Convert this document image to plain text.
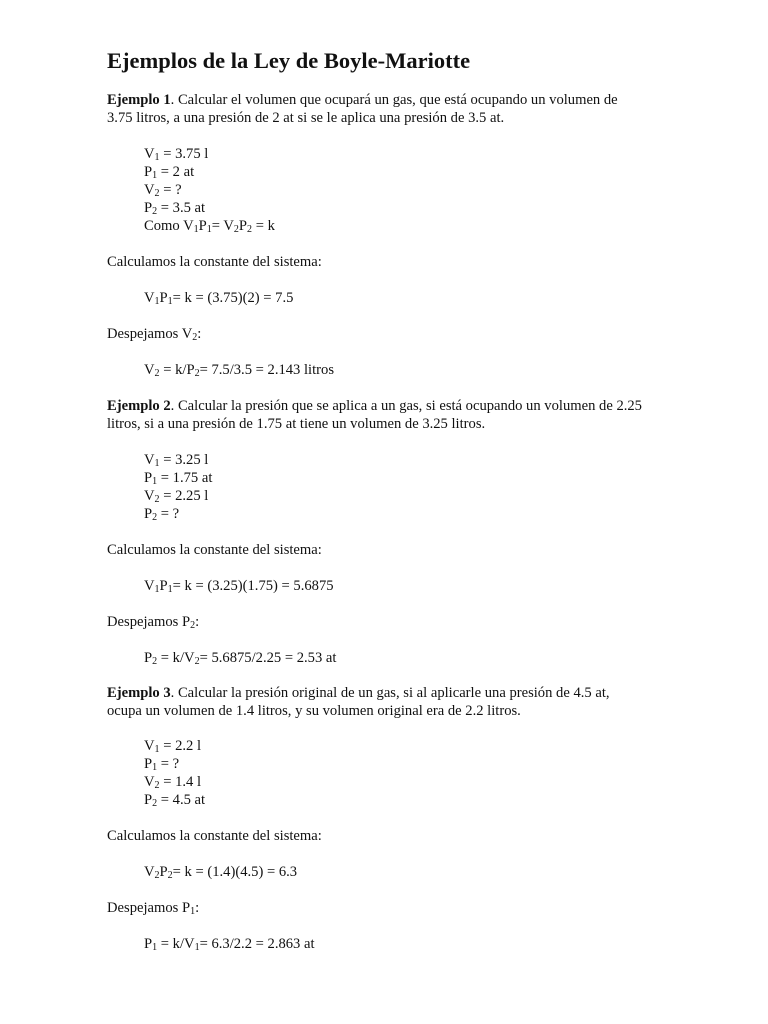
Ejemplos de la Ley de Boyle-Mariotte
Ejemplo 1. Calcular el volumen que ocupará un gas, que está ocupando un volumen de
3.75 litros, a una presión de 2 at si se le aplica una presión de 3.5 at.
$V_1 = 3.75$ l
$P_1 = 2$ at
$V_2$ = ?
$P_2 = 3.5$ at
Como $V_1P_1= V_2P_2 = k$
Calculamos la constante del sistema:
$V_1P_1= k = (3.75)(2) = 7.5$
Despejamos $V_2$:
$V_2 = k/P_2= 7.5/3.5 = 2.143$ litros
Ejemplo 2. Calcular la presión que se aplica a un gas, si está ocupando un volumen de 2.25
litros, si a una presión de 1.75 at tiene un volumen de 3.25 litros.
$V_1 = 3.25$ l
$P_1 = 1.75$ at
$V_2 = 2.25$ l
$P_2$ = ?
Calculamos la constante del sistema:
$V_1P_1= k = (3.25)(1.75) = 5.6875$
Despejamos $P_2$:
$P_2 = k/V_2= 5.6875/2.25 = 2.53$ at
Ejemplo 3. Calcular la presión original de un gas, si al aplicarle una presión de 4.5 at,
ocupa un volumen de 1.4 litros, y su volumen original era de 2.2 litros.
$V_1 = 2.2$ l
$P_1$ = ?
$V_2 = 1.4$ l
$P_2 = 4.5$ at
Calculamos la constante del sistema:
$V_2P_2= k = (1.4)(4.5) = 6.3$
Despejamos $P_1$:
$P_1 = k/V_1= 6.3/2.2 = 2.863$ at
